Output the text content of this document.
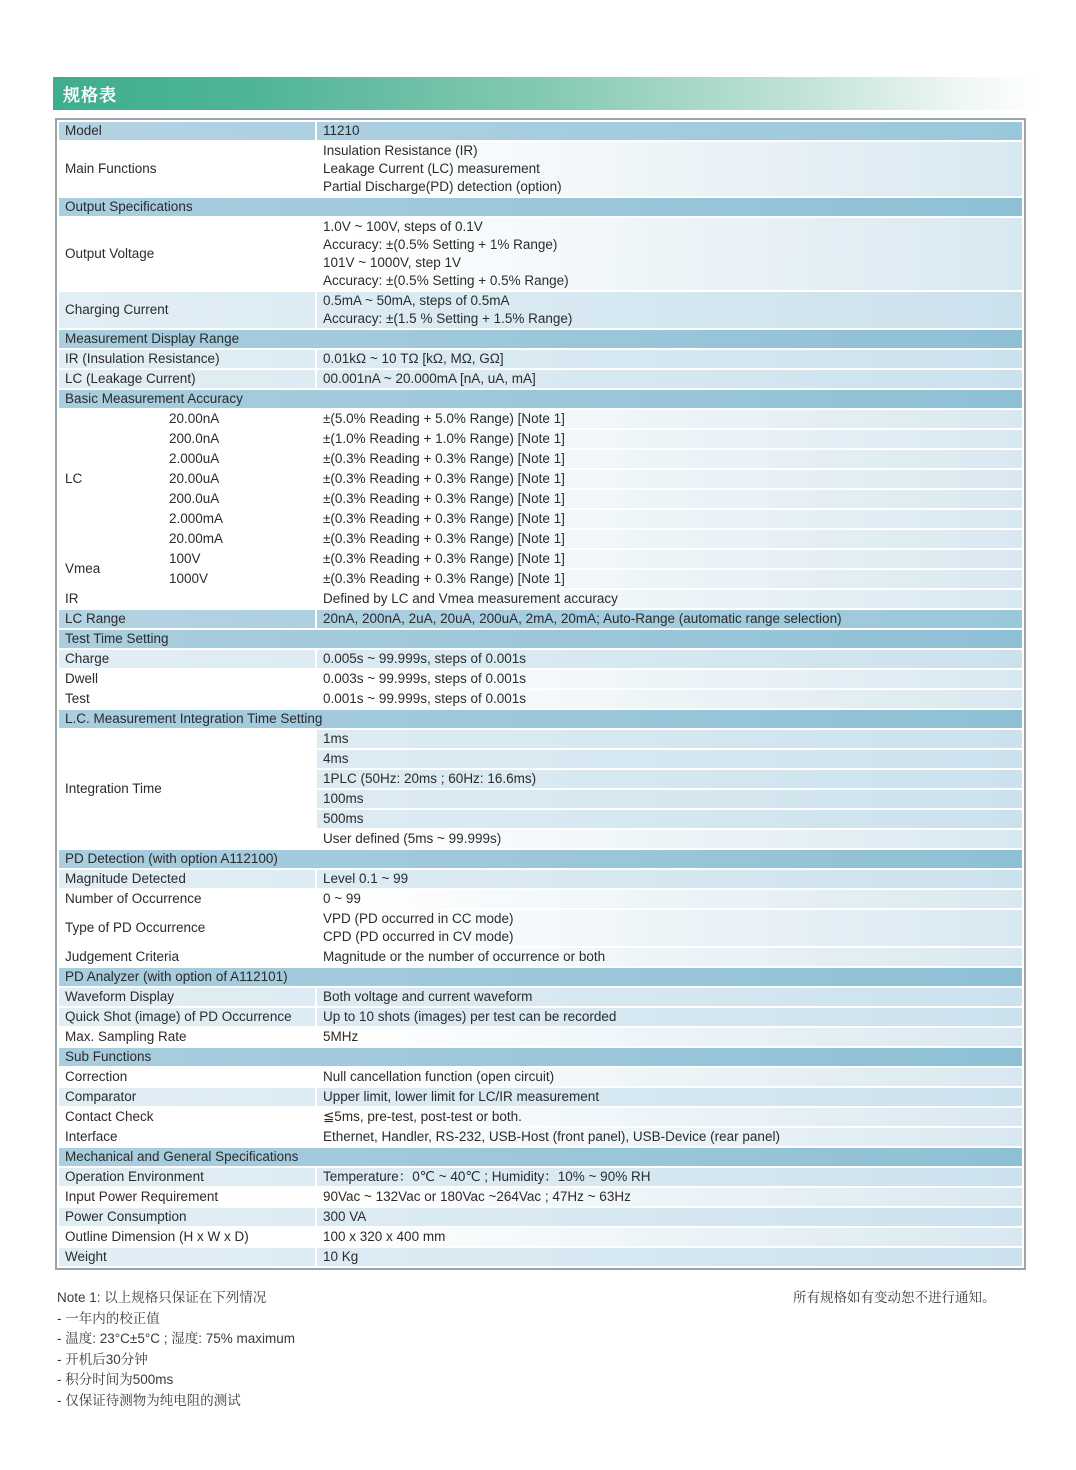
规格表
Model		11210
Main Functions		Insulation Resistance (IR)
Leakage Current (LC) measurement
Partial Discharge(PD) detection (option)

Output Specifications		
Output Voltage		1.0V ~ 100V, steps of 0.1V
Accuracy: ±(0.5% Setting + 1% Range)
101V ~ 1000V, step 1V
Accuracy: ±(0.5% Setting + 0.5% Range)

Charging Current		0.5mA ~ 50mA, steps of 0.5mA
Accuracy: ±(1.5 % Setting + 1.5% Range)

Measurement Display Range		
IR (Insulation Resistance)		0.01kΩ ~ 10 TΩ [kΩ, MΩ, GΩ]
LC (Leakage Current)		00.001nA ~ 20.000mA [nA, uA, mA]
Basic Measurement Accuracy		
LC	20.00nA	±(5.0% Reading + 5.0% Range) [Note 1]
	200.0nA	±(1.0% Reading + 1.0% Range) [Note 1]
	2.000uA	±(0.3% Reading + 0.3% Range) [Note 1]
	20.00uA	±(0.3% Reading + 0.3% Range) [Note 1]
	200.0uA	±(0.3% Reading + 0.3% Range) [Note 1]
	2.000mA	±(0.3% Reading + 0.3% Range) [Note 1]
	20.00mA	±(0.3% Reading + 0.3% Range) [Note 1]
Vmea	100V	±(0.3% Reading + 0.3% Range) [Note 1]
	1000V	±(0.3% Reading + 0.3% Range) [Note 1]
IR		Defined by LC and Vmea measurement accuracy
LC Range		20nA, 200nA, 2uA, 20uA, 200uA, 2mA, 20mA; Auto-Range (automatic range selection)
Test Time Setting		
Charge		0.005s ~ 99.999s, steps of 0.001s
Dwell		0.003s ~ 99.999s, steps of 0.001s
Test		0.001s ~ 99.999s, steps of 0.001s
L.C. Measurement Integration Time Setting		
Integration Time		1ms
		4ms
		1PLC (50Hz: 20ms ; 60Hz: 16.6ms)
		100ms
		500ms
		User defined (5ms ~ 99.999s)
PD Detection (with option A112100)		
Magnitude Detected		Level 0.1 ~ 99
Number of Occurrence		0 ~ 99
Type of PD Occurrence		VPD (PD occurred in CC mode)
CPD (PD occurred in CV mode)

Judgement Criteria		Magnitude or the number of occurrence or both
PD Analyzer (with option of A112101)		
Waveform Display		Both voltage and current waveform
Quick Shot (image) of PD Occurrence		Up to 10 shots (images) per test can be recorded
Max. Sampling Rate		5MHz
Sub Functions		
Correction		Null cancellation function (open circuit)
Comparator		Upper limit, lower limit for LC/IR measurement
Contact Check		≦5ms, pre-test, post-test or both.
Interface		Ethernet, Handler, RS-232, USB-Host (front panel), USB-Device (rear panel)
Mechanical and General Specifications		
Operation Environment		Temperature：0℃ ~ 40℃ ; Humidity：10% ~ 90% RH
Input Power Requirement		90Vac ~ 132Vac or 180Vac ~264Vac ; 47Hz ~ 63Hz
Power Consumption		300 VA
Outline Dimension (H x W x D)		100 x 320 x 400 mm
Weight		10 Kg
Note 1: 以上规格只保证在下列情况
- 一年内的校正值
- 温度: 23°C±5°C ; 湿度: 75% maximum
- 开机后30分钟
- 积分时间为500ms
- 仅保证待测物为纯电阻的测试
所有规格如有变动恕不进行通知。
